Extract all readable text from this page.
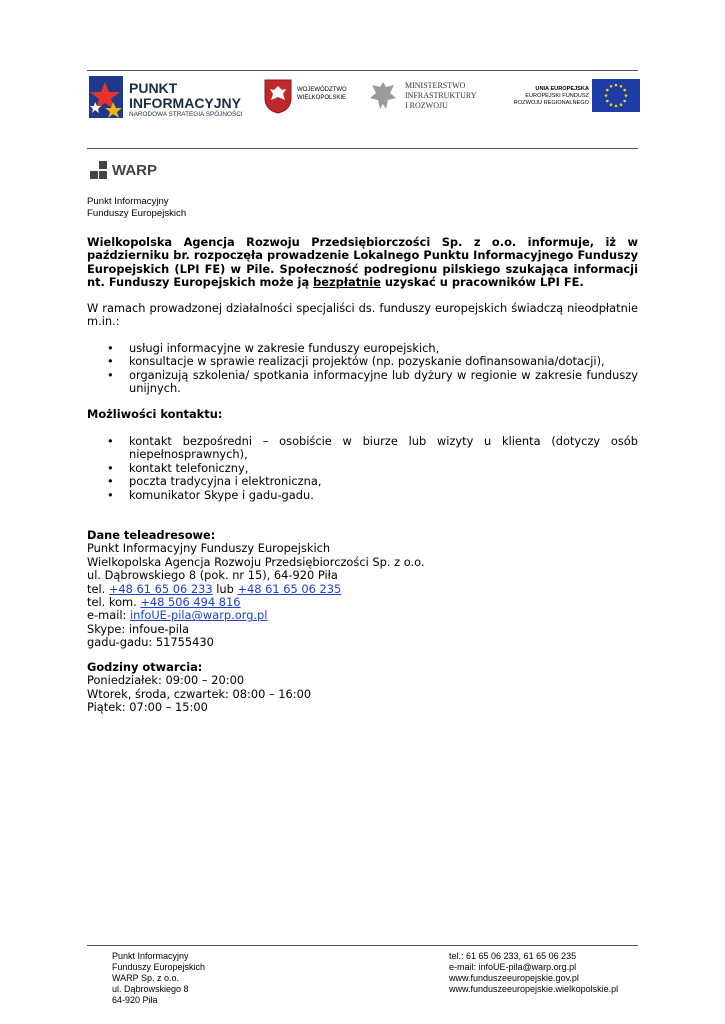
PUNKT
INFORMACYJNY
NARODOWA STRATEGIA SPÓJNOŚCI
WOJEWÓDZTWO
WIELKOPOLSKIE
MINISTERSTWO
INFRASTRUKTURY
I ROZWOJU
UNIA EUROPEJSKA
EUROPEJSKI FUNDUSZ
ROZWOJU REGIONALNEGO
WARP
Punkt Informacyjny
Funduszy Europejskich
Wielkopolska Agencja Rozwoju Przedsiębiorczości Sp. z o.o. informuje, iż w październiku br. rozpoczęła prowadzenie Lokalnego Punktu Informacyjnego Funduszy Europejskich (LPI FE) w Pile. Społeczność podregionu pilskiego szukająca informacji nt. Funduszy Europejskich może ją bezpłatnie uzyskać u pracowników LPI FE.
W ramach prowadzonej działalności specjaliści ds. funduszy europejskich świadczą nieodpłatnie m.in.:
• usługi informacyjne w zakresie funduszy europejskich,
• konsultacje w sprawie realizacji projektów (np. pozyskanie dofinansowania/dotacji),
• organizują szkolenia/ spotkania informacyjne lub dyżury w regionie w zakresie funduszy unijnych.
Możliwości kontaktu:
• kontakt bezpośredni – osobiście w biurze lub wizyty u klienta (dotyczy osób niepełnosprawnych),
• kontakt telefoniczny,
• poczta tradycyjna i elektroniczna,
• komunikator Skype i gadu-gadu.
Dane teleadresowe:
Punkt Informacyjny Funduszy Europejskich
Wielkopolska Agencja Rozwoju Przedsiębiorczości Sp. z o.o.
ul. Dąbrowskiego 8 (pok. nr 15), 64-920 Piła
tel. +48 61 65 06 233 lub +48 61 65 06 235
tel. kom. +48 506 494 816
e-mail: infoUE-pila@warp.org.pl
Skype: infoue-pila
gadu-gadu: 51755430
Godziny otwarcia:
Poniedziałek: 09:00 – 20:00
Wtorek, środa, czwartek: 08:00 – 16:00
Piątek: 07:00 – 15:00
Punkt Informacyjny
Funduszy Europejskich
WARP Sp. z o.o.
ul. Dąbrowskiego 8
64-920 Piła
tel.: 61 65 06 233, 61 65 06 235
e-mail: infoUE-pila@warp.org.pl
www.funduszeeuropejskie.gov.pl
www.funduszeeuropejskie.wielkopolskie.pl
